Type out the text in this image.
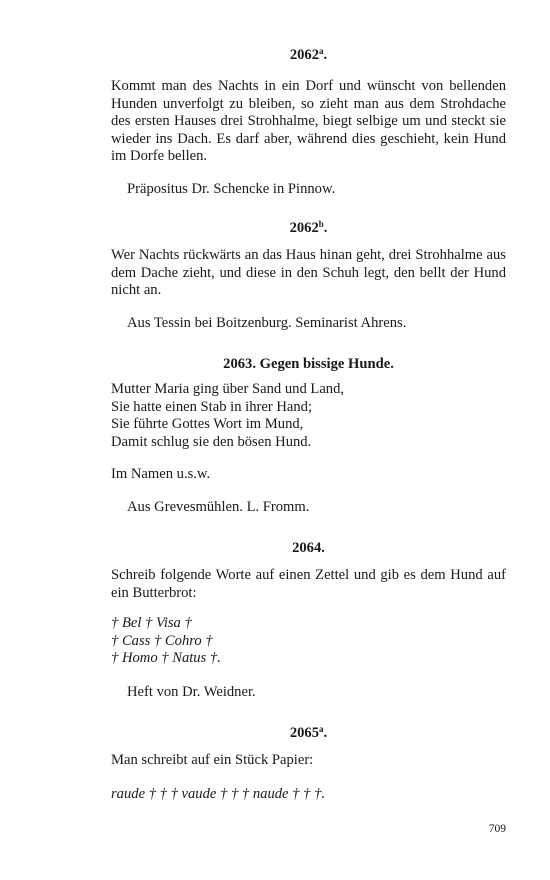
2062$^a$.
Kommt man des Nachts in ein Dorf und wünscht von bellenden Hunden unverfolgt zu bleiben, so zieht man aus dem Strohdache des ersten Hauses drei Strohhalme, biegt selbige um und steckt sie wieder ins Dach. Es darf aber, während dies geschieht, kein Hund im Dorfe bellen.
Präpositus Dr. Schencke in Pinnow.
2062$^b$.
Wer Nachts rückwärts an das Haus hinan geht, drei Strohhalme aus dem Dache zieht, und diese in den Schuh legt, den bellt der Hund nicht an.
Aus Tessin bei Boitzenburg. Seminarist Ahrens.
2063. Gegen bissige Hunde.
Mutter Maria ging über Sand und Land,
Sie hatte einen Stab in ihrer Hand;
Sie führte Gottes Wort im Mund,
Damit schlug sie den bösen Hund.
Im Namen u.s.w.
Aus Grevesmühlen. L. Fromm.
2064.
Schreib folgende Worte auf einen Zettel und gib es dem Hund auf ein Butterbrot:
† Bel † Visa †
† Cass † Cohro †
† Homo † Natus †.
Heft von Dr. Weidner.
2065$^a$.
Man schreibt auf ein Stück Papier:
raude † † † vaude † † † naude † † †.
709
